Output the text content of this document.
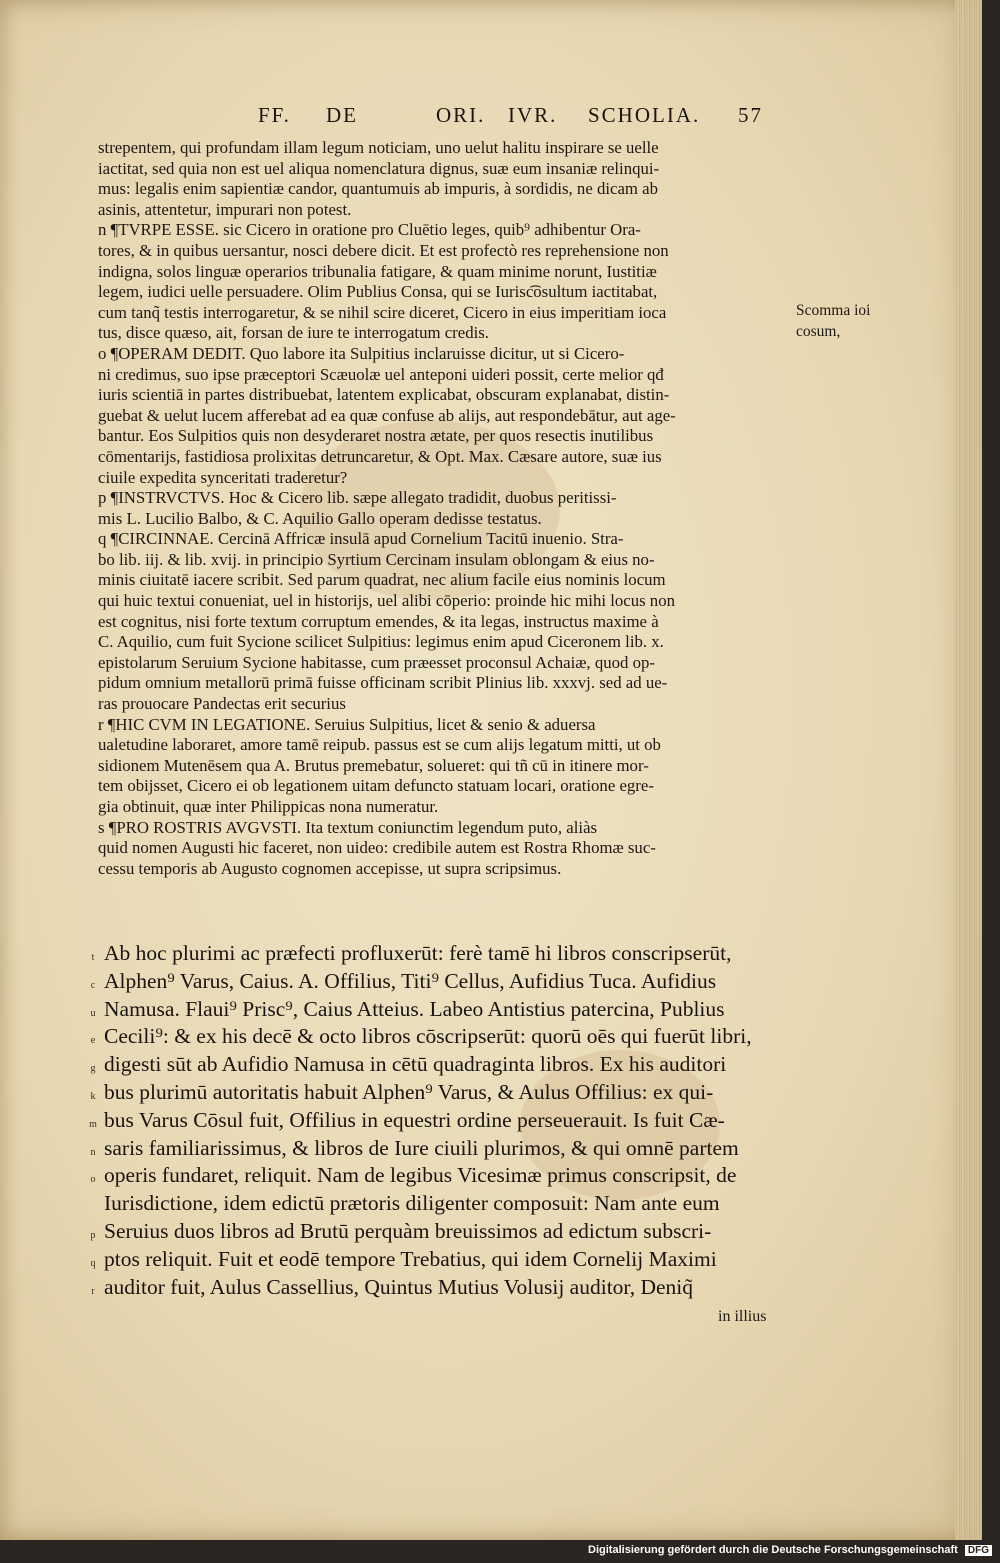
FF. DE	ORI. IVR. SCHOLIA. 57
strepentem, qui profundam illam legum noticiam, uno uelut halitu inspirare se uelle
iactitat, sed quia non est uel aliqua nomenclatura dignus, suæ eum insaniæ relinqui-
mus: legalis enim sapientiæ candor, quantumuis ab impuris, à sordidis, ne dicam ab
asinis, attentetur, impurari non potest.
n ¶TVRPE ESSE. sic Cicero in oratione pro Cluētio leges, quib⁹ adhibentur Ora-
tores, & in quibus uersantur, nosci debere dicit. Et est profectò res reprehensione non
indigna, solos linguæ operarios tribunalia fatigare, & quam minime norunt, Iustitiæ
legem, iudici uelle persuadere. Olim Publius Consa, qui se Iurisc͡osultum iactitabat,
cum tanq̃ testis interrogaretur, & se nihil scire diceret, Cicero in eius imperitiam ioca
tus, disce quæso, ait, forsan de iure te interrogatum credis.
o ¶OPERAM DEDIT. Quo labore ita Sulpitius inclaruisse dicitur, ut si Cicero-
ni credimus, suo ipse præceptori Scæuolæ uel anteponi uideri possit, certe melior qđ
iuris scientiā in partes distribuebat, latentem explicabat, obscuram explanabat, distin-
guebat & uelut lucem afferebat ad ea quæ confuse ab alijs, aut respondebātur, aut age-
bantur. Eos Sulpitios quis non desyderaret nostra ætate, per quos resectis inutilibus
cōmentarijs, fastidiosa prolixitas detruncaretur, & Opt. Max. Cæsare autore, suæ ius
ciuile expedita synceritati traderetur?
p ¶INSTRVCTVS. Hoc & Cicero lib. sæpe allegato tradidit, duobus peritissi-
mis L. Lucilio Balbo, & C. Aquilio Gallo operam dedisse testatus.
q ¶CIRCINNAE. Cercinā Affricæ insulā apud Cornelium Tacitū inuenio. Stra-
bo lib. iij. & lib. xvij. in principio Syrtium Cercinam insulam oblongam & eius no-
minis ciuitatē iacere scribit. Sed parum quadrat, nec alium facile eius nominis locum
qui huic textui conueniat, uel in historijs, uel alibi cōperio: proinde hic mihi locus non
est cognitus, nisi forte textum corruptum emendes, & ita legas, instructus maxime à
C. Aquilio, cum fuit Sycione scilicet Sulpitius: legimus enim apud Ciceronem lib. x.
epistolarum Seruium Sycione habitasse, cum præesset proconsul Achaiæ, quod op-
pidum omnium metallorū primā fuisse officinam scribit Plinius lib. xxxvj. sed ad ue-
ras prouocare Pandectas erit securius
r ¶HIC CVM IN LEGATIONE. Seruius Sulpitius, licet & senio & aduersa
ualetudine laboraret, amore tamē reipub. passus est se cum alijs legatum mitti, ut ob
sidionem Mutenēsem qua A. Brutus premebatur, solueret: qui tñ cū in itinere mor-
tem obijsset, Cicero ei ob legationem uitam defuncto statuam locari, oratione egre-
gia obtinuit, quæ inter Philippicas nona numeratur.
s ¶PRO ROSTRIS AVGVSTI. Ita textum coniunctim legendum puto, aliàs
quid nomen Augusti hic faceret, non uideo: credibile autem est Rostra Rhomæ suc-
cessu temporis ab Augusto cognomen accepisse, ut supra scripsimus.
Scomma ioi
cosum,
t
c
u
e
g
k
m
n
o
p
q
r
Ab hoc plurimi ac præfecti profluxerūt: ferè tamē hi libros conscripserūt,
Alphen⁹ Varus, Caius. A. Offilius, Titi⁹ Cellus, Aufidius Tuca. Aufidius
Namusa. Flaui⁹ Prisc⁹, Caius Atteius. Labeo Antistius patercina, Publius
Cecili⁹: & ex his decē & octo libros cōscripserūt: quorū oēs qui fuerūt libri,
digesti sūt ab Aufidio Namusa in cētū quadraginta libros. Ex his auditori
bus plurimū autoritatis habuit Alphen⁹ Varus, & Aulus Offilius: ex qui-
bus Varus Cōsul fuit, Offilius in equestri ordine perseuerauit. Is fuit Cæ-
saris familiarissimus, & libros de Iure ciuili plurimos, & qui omnē partem
operis fundaret, reliquit. Nam de legibus Vicesimæ primus conscripsit, de
Iurisdictione, idem edictū prætoris diligenter composuit: Nam ante eum
Seruius duos libros ad Brutū perquàm breuissimos ad edictum subscri-
ptos reliquit. Fuit et eodē tempore Trebatius, qui idem Cornelij Maximi
auditor fuit, Aulus Cassellius, Quintus Mutius Volusij auditor, Deniq̃
in illius
Digitalisierung gefördert durch die Deutsche Forschungsgemeinschaft DFG
